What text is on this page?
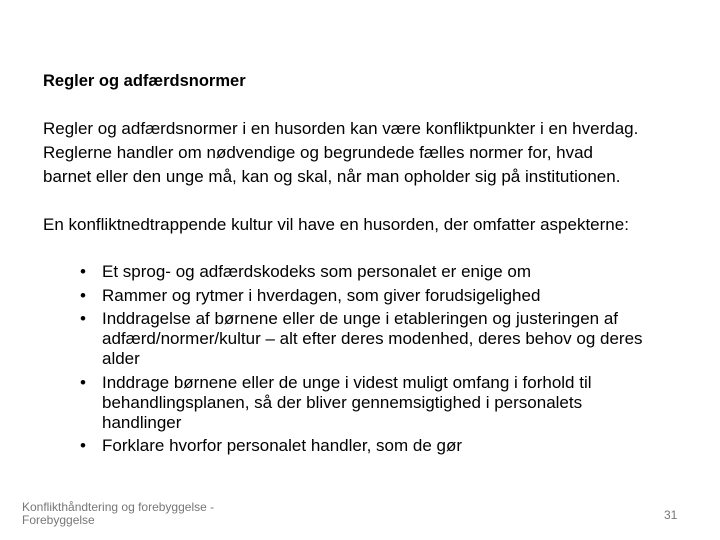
Regler og adfærdsnormer
Regler og adfærdsnormer i en husorden kan være konfliktpunkter i en hverdag.
Reglerne handler om nødvendige og begrundede fælles normer for, hvad
barnet eller den unge må, kan og skal, når man opholder sig på institutionen.
En konfliktnedtrappende kultur vil have en husorden, der omfatter aspekterne:
• Et sprog- og adfærdskodeks som personalet er enige om
• Rammer og rytmer i hverdagen, som giver forudsigelighed
• Inddragelse af børnene eller de unge i etableringen og justeringen af
adfærd/normer/kultur – alt efter deres modenhed, deres behov og deres
alder
• Inddrage børnene eller de unge i videst muligt omfang i forhold til
behandlingsplanen, så der bliver gennemsigtighed i personalets
handlinger
• Forklare hvorfor personalet handler, som de gør
Konflikthåndtering og forebyggelse -
Forebyggelse	31
